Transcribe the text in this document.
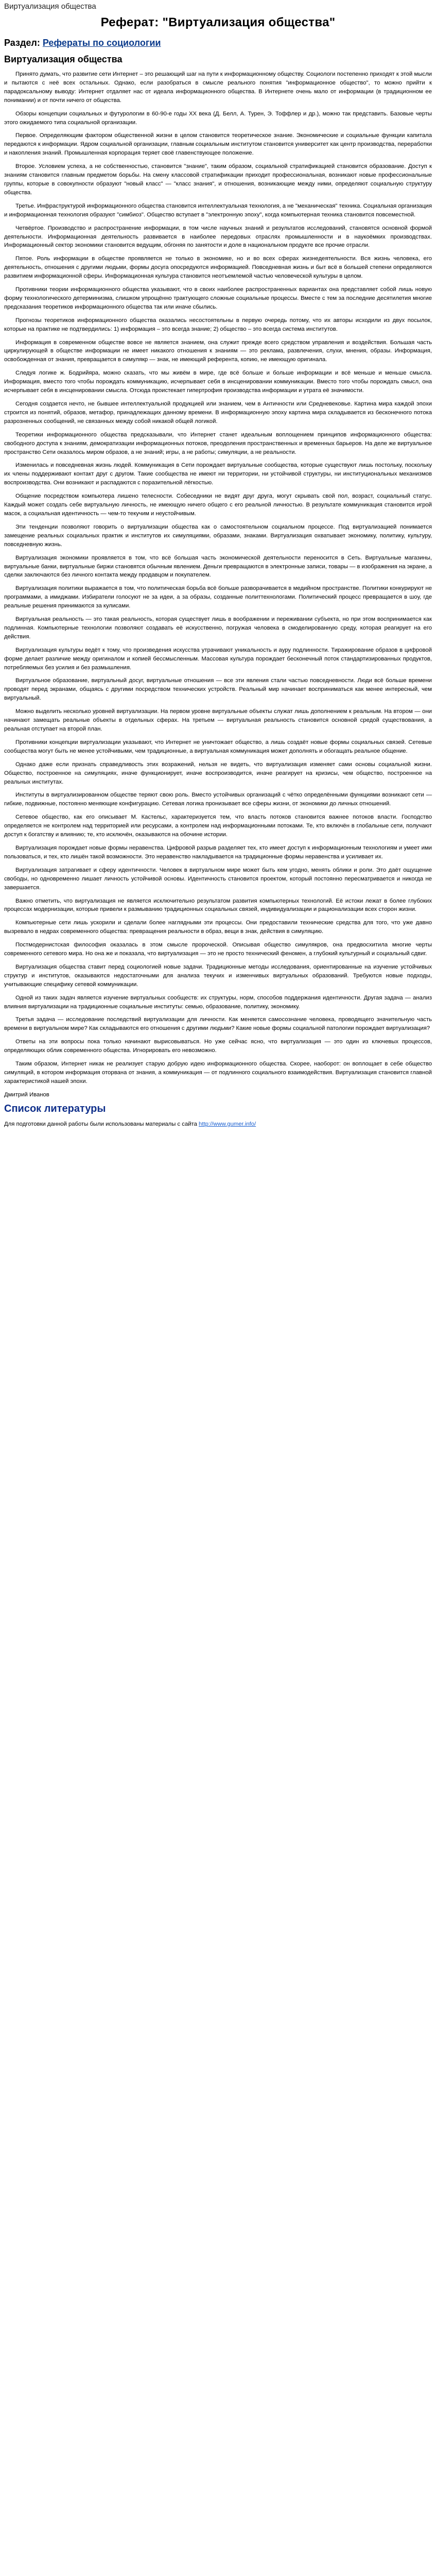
Виртуализация общества
Реферат: "Виртуализация общества"
Раздел: Рефераты по социологии
Виртуализация общества

Принято думать, что развитие сети Интернет – это решающий шаг на пути к информационному обществу. Социологи постепенно приходят к этой мысли и пытаются с неё всех остальных. Однако, если разобраться в смысле реального понятия "информационное общество", то можно прийти к парадоксальному выводу: Интернет отдаляет нас от идеала информационного общества. В Интернете очень мало от информации (в традиционном ее понимании) и от почти ничего от общества.

Обзоры концепции социальных и футурологии в 60-90-е годы ХХ века (Д. Белл, А. Турен, Э. Тоффлер и др.), можно так представить. Базовые черты этого ожидаемого типа социальной организации.

Первое. Определяющим фактором общественной жизни в целом становится теоретическое знание. Экономические и социальные функции капитала передаются к информации. Ядром социальной организации, главным социальным институтом становится университет как центр производства, переработки и накопления знаний. Промышленная корпорация теряет своё главенствующее положение.

Второе. Условием успеха, а не собственностью, становится "знание", таким образом, социальной стратификацией становится образование. Доступ к знаниям становится главным предметом борьбы. На смену классовой стратификации приходит профессиональная, возникают новые профессиональные группы, которые в совокупности образуют "новый класс" — "класс знания", и отношения, возникающие между ними, определяют социальную структуру общества.

Третье. Инфраструктурой информационного общества становится интеллектуальная технология, а не "механическая" техника. Социальная организация и информационная технология образуют "симбиоз". Общество вступает в "электронную эпоху", когда компьютерная техника становится повсеместной.

Четвёртое. Производство и распространение информации, в том числе научных знаний и результатов исследований, становятся основной формой деятельности. Информационная деятельность развивается в наиболее передовых отраслях промышленности и в наукоёмких производствах. Информационный сектор экономики становится ведущим, обгоняя по занятости и доле в национальном продукте все прочие отрасли.

Пятое. Роль информации в обществе проявляется не только в экономике, но и во всех сферах жизнедеятельности. Вся жизнь человека, его деятельность, отношения с другими людьми, формы досуга опосредуются информацией. Повседневная жизнь и быт всё в большей степени определяются развитием информационной сферы. Информационная культура становится неотъемлемой частью человеческой культуры в целом.

Противники теории информационного общества указывают, что в своих наиболее распространенных вариантах она представляет собой лишь новую форму технологического детерминизма, слишком упрощённо трактующего сложные социальные процессы. Вместе с тем за последние десятилетия многие предсказания теоретиков информационного общества так или иначе сбылись.

Прогнозы теоретиков информационного общества оказались несостоятельны в первую очередь потому, что их авторы исходили из двух посылок, которые на практике не подтвердились: 1) информация – это всегда знание; 2) общество – это всегда система институтов.

Информация в современном обществе вовсе не является знанием, она служит прежде всего средством управления и воздействия. Большая часть циркулирующей в обществе информации не имеет никакого отношения к знаниям — это реклама, развлечения, слухи, мнения, образы. Информация, освобожденная от знания, превращается в симулякр — знак, не имеющий референта, копию, не имеющую оригинала.

Следуя логике ж. Бодрийяра, можно сказать, что мы живём в мире, где всё больше и больше информации и всё меньше и меньше смысла. Информация, вместо того чтобы порождать коммуникацию, исчерпывает себя в инсценировании коммуникации. Вместо того чтобы порождать смысл, она исчерпывает себя в инсценировании смысла. Отсюда проистекает гипертрофия производства информации и утрата её значимости.

Сегодня создается нечто, не бывшее интеллектуальной продукцией или знанием, чем в Античности или Средневековье. Картина мира каждой эпохи строится из понятий, образов, метафор, принадлежащих данному времени. В информационную эпоху картина мира складывается из бесконечного потока разрозненных сообщений, не связанных между собой никакой общей логикой.

Теоретики информационного общества предсказывали, что Интернет станет идеальным воплощением принципов информационного общества: свободного доступа к знаниям, демократизации информационных потоков, преодоления пространственных и временных барьеров. На деле же виртуальное пространство Сети оказалось миром образов, а не знаний; игры, а не работы; симуляции, а не реальности.

Изменилась и повседневная жизнь людей. Коммуникация в Сети порождает виртуальные сообщества, которые существуют лишь постольку, поскольку их члены поддерживают контакт друг с другом. Такие сообщества не имеют ни территории, ни устойчивой структуры, ни институциональных механизмов воспроизводства. Они возникают и распадаются с поразительной лёгкостью.

Общение посредством компьютера лишено телесности. Собеседники не видят друг друга, могут скрывать свой пол, возраст, социальный статус. Каждый может создать себе виртуальную личность, не имеющую ничего общего с его реальной личностью. В результате коммуникация становится игрой масок, а социальная идентичность — чем-то текучим и неустойчивым.

Эти тенденции позволяют говорить о виртуализации общества как о самостоятельном социальном процессе. Под виртуализацией понимается замещение реальных социальных практик и институтов их симуляциями, образами, знаками. Виртуализация охватывает экономику, политику, культуру, повседневную жизнь.

Виртуализация экономики проявляется в том, что всё большая часть экономической деятельности переносится в Сеть. Виртуальные магазины, виртуальные банки, виртуальные биржи становятся обычным явлением. Деньги превращаются в электронные записи, товары — в изображения на экране, а сделки заключаются без личного контакта между продавцом и покупателем.

Виртуализация политики выражается в том, что политическая борьба всё больше разворачивается в медийном пространстве. Политики конкурируют не программами, а имиджами. Избиратели голосуют не за идеи, а за образы, созданные политтехнологами. Политический процесс превращается в шоу, где реальные решения принимаются за кулисами.

Виртуальная реальность — это такая реальность, которая существует лишь в воображении и переживании субъекта, но при этом воспринимается как подлинная. Компьютерные технологии позволяют создавать её искусственно, погружая человека в смоделированную среду, которая реагирует на его действия.

Виртуализация культуры ведёт к тому, что произведения искусства утрачивают уникальность и ауру подлинности. Тиражирование образов в цифровой форме делает различие между оригиналом и копией бессмысленным. Массовая культура порождает бесконечный поток стандартизированных продуктов, потребляемых без усилия и без размышления.

Виртуальное образование, виртуальный досуг, виртуальные отношения — все эти явления стали частью повседневности. Люди всё больше времени проводят перед экранами, общаясь с другими посредством технических устройств. Реальный мир начинает восприниматься как менее интересный, чем виртуальный.

Можно выделить несколько уровней виртуализации. На первом уровне виртуальные объекты служат лишь дополнением к реальным. На втором — они начинают замещать реальные объекты в отдельных сферах. На третьем — виртуальная реальность становится основной средой существования, а реальная отступает на второй план.

Противники концепции виртуализации указывают, что Интернет не уничтожает общество, а лишь создаёт новые формы социальных связей. Сетевые сообщества могут быть не менее устойчивыми, чем традиционные, а виртуальная коммуникация может дополнять и обогащать реальное общение.

Однако даже если признать справедливость этих возражений, нельзя не видеть, что виртуализация изменяет сами основы социальной жизни. Общество, построенное на симуляциях, иначе функционирует, иначе воспроизводится, иначе реагирует на кризисы, чем общество, построенное на реальных институтах.

Институты в виртуализированном обществе теряют свою роль. Вместо устойчивых организаций с чётко определёнными функциями возникают сети — гибкие, подвижные, постоянно меняющие конфигурацию. Сетевая логика пронизывает все сферы жизни, от экономики до личных отношений.

Сетевое общество, как его описывает М. Кастельс, характеризуется тем, что власть потоков становится важнее потоков власти. Господство определяется не контролем над территорией или ресурсами, а контролем над информационными потоками. Те, кто включён в глобальные сети, получают доступ к богатству и влиянию; те, кто исключён, оказываются на обочине истории.

Виртуализация порождает новые формы неравенства. Цифровой разрыв разделяет тех, кто имеет доступ к информационным технологиям и умеет ими пользоваться, и тех, кто лишён такой возможности. Это неравенство накладывается на традиционные формы неравенства и усиливает их.

Виртуализация затрагивает и сферу идентичности. Человек в виртуальном мире может быть кем угодно, менять облики и роли. Это даёт ощущение свободы, но одновременно лишает личность устойчивой основы. Идентичность становится проектом, который постоянно пересматривается и никогда не завершается.

Важно отметить, что виртуализация не является исключительно результатом развития компьютерных технологий. Её истоки лежат в более глубоких процессах модернизации, которые привели к размыванию традиционных социальных связей, индивидуализации и рационализации всех сторон жизни.

Компьютерные сети лишь ускорили и сделали более наглядными эти процессы. Они предоставили технические средства для того, что уже давно вызревало в недрах современного общества: превращения реальности в образ, вещи в знак, действия в симуляцию.

Постмодернистская философия оказалась в этом смысле пророческой. Описывая общество симулякров, она предвосхитила многие черты современного сетевого мира. Но она же и показала, что виртуализация — это не просто технический феномен, а глубокий культурный и социальный сдвиг.

Виртуализация общества ставит перед социологией новые задачи. Традиционные методы исследования, ориентированные на изучение устойчивых структур и институтов, оказываются недостаточными для анализа текучих и изменчивых виртуальных образований. Требуются новые подходы, учитывающие специфику сетевой коммуникации.

Одной из таких задач является изучение виртуальных сообществ: их структуры, норм, способов поддержания идентичности. Другая задача — анализ влияния виртуализации на традиционные социальные институты: семью, образование, политику, экономику.

Третья задача — исследование последствий виртуализации для личности. Как меняется самосознание человека, проводящего значительную часть времени в виртуальном мире? Как складываются его отношения с другими людьми? Какие новые формы социальной патологии порождает виртуализация?

Ответы на эти вопросы пока только начинают вырисовываться. Но уже сейчас ясно, что виртуализация — это один из ключевых процессов, определяющих облик современного общества. Игнорировать его невозможно.

Таким образом, Интернет никак не реализует старую добрую идею информационного общества. Скорее, наоборот: он воплощает в себе общество симуляций, в котором информация оторвана от знания, а коммуникация — от подлинного социального взаимодействия. Виртуализация становится главной характеристикой нашей эпохи.

Дмитрий Иванов
Список литературы
Для подготовки данной работы были использованы материалы с сайта http://www.gumer.info/
